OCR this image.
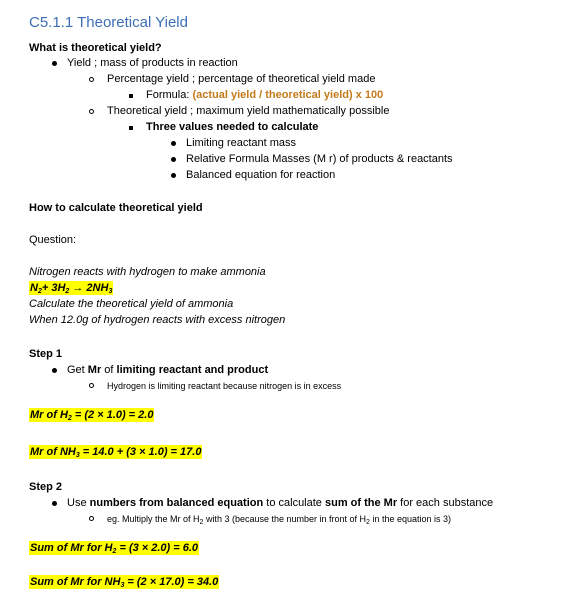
C5.1.1 Theoretical Yield
What is theoretical yield?
Yield ; mass of products in reaction
Percentage yield ; percentage of theoretical yield made
Formula: (actual yield / theoretical yield) x 100
Theoretical yield ; maximum yield mathematically possible
Three values needed to calculate
Limiting reactant mass
Relative Formula Masses (M r) of products & reactants
Balanced equation for reaction
How to calculate theoretical yield
Question:
Nitrogen reacts with hydrogen to make ammonia
$N_2+ 3H_2 \to 2NH_3$
Calculate the theoretical yield of ammonia
When 12.0g of hydrogen reacts with excess nitrogen
Step 1
Get Mr of limiting reactant and product
Hydrogen is limiting reactant because nitrogen is in excess
Mr of $H_2 = (2 \times 1.0) = 2.0$
Mr of $NH_3 = 14.0 + (3 \times 1.0) = 17.0$
Step 2
Use numbers from balanced equation to calculate sum of the Mr for each substance
eg. Multiply the Mr of $H_2$ with 3 (because the number in front of $H_2$ in the equation is 3)
Sum of Mr for $H_2 = (3 \times 2.0) = 6.0$
Sum of Mr for $NH_3 = (2 \times 17.0) = 34.0$
